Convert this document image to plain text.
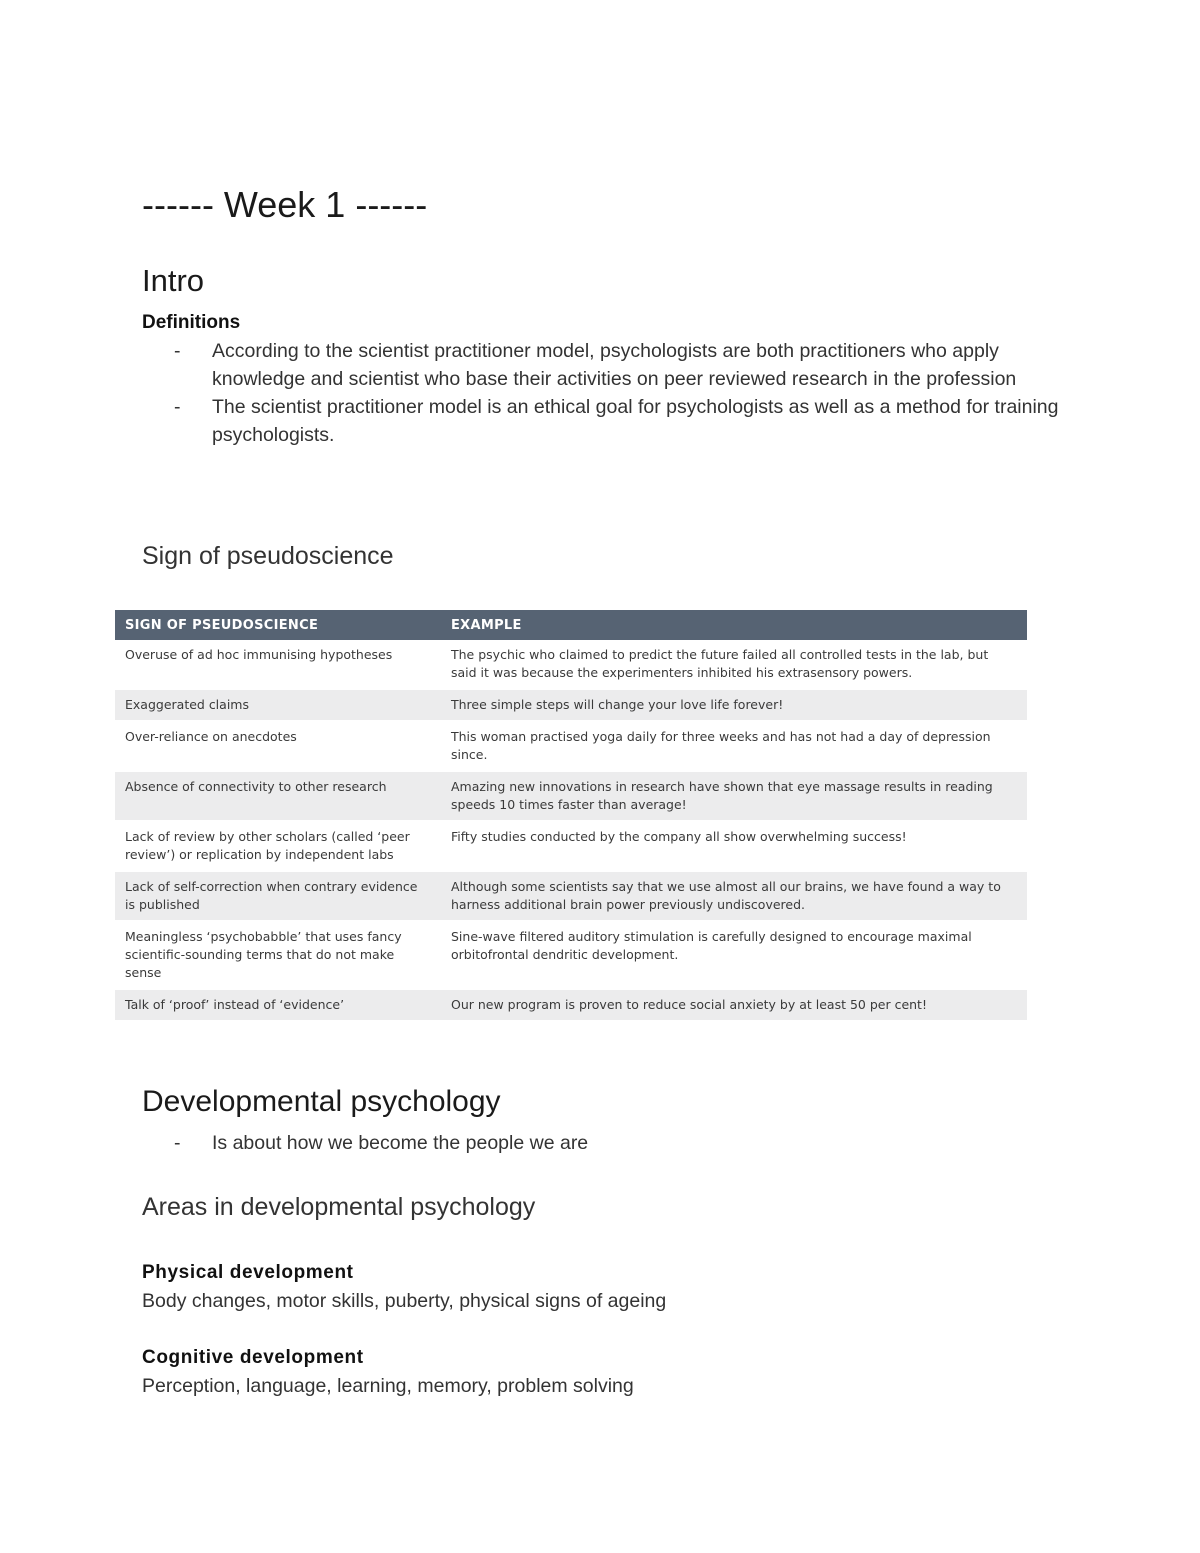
------ Week 1 ------
Intro
Definitions
- According to the scientist practitioner model, psychologists are both practitioners who apply knowledge and scientist who base their activities on peer reviewed research in the profession
- The scientist practitioner model is an ethical goal for psychologists as well as a method for training psychologists.
Sign of pseudoscience
SIGN OF PSEUDOSCIENCE	EXAMPLE
Overuse of ad hoc immunising hypotheses	The psychic who claimed to predict the future failed all controlled tests in the lab, but said it was because the experimenters inhibited his extrasensory powers.
Exaggerated claims	Three simple steps will change your love life forever!
Over-reliance on anecdotes	This woman practised yoga daily for three weeks and has not had a day of depression since.
Absence of connectivity to other research	Amazing new innovations in research have shown that eye massage results in reading speeds 10 times faster than average!
Lack of review by other scholars (called ‘peer review’) or replication by independent labs	Fifty studies conducted by the company all show overwhelming success!
Lack of self-correction when contrary evidence is published	Although some scientists say that we use almost all our brains, we have found a way to harness additional brain power previously undiscovered.
Meaningless ‘psychobabble’ that uses fancy scientific-sounding terms that do not make sense	Sine-wave filtered auditory stimulation is carefully designed to encourage maximal orbitofrontal dendritic development.
Talk of ‘proof’ instead of ‘evidence’	Our new program is proven to reduce social anxiety by at least 50 per cent!
Developmental psychology
- Is about how we become the people we are
Areas in developmental psychology
Physical development
Body changes, motor skills, puberty, physical signs of ageing
Cognitive development
Perception, language, learning, memory, problem solving
